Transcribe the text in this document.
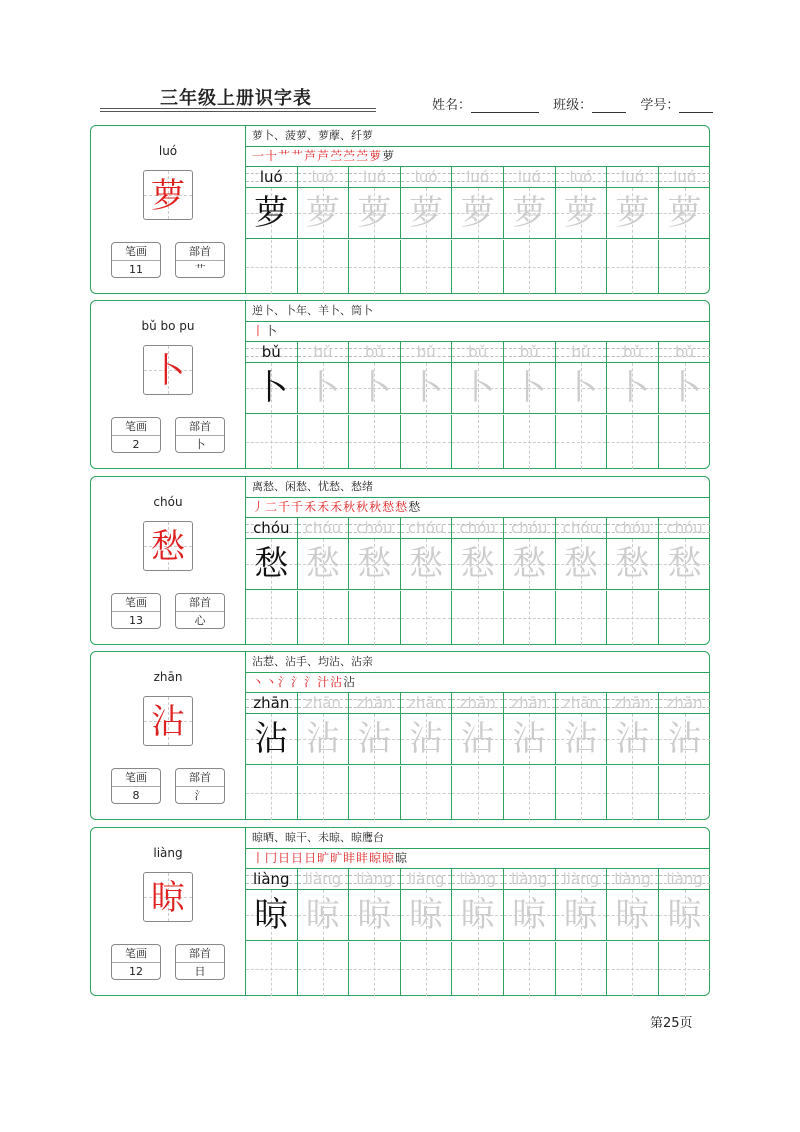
三年级上册识字表	姓名：	班级：	学号：
luó
萝
笔画
11
部首
艹
萝卜、菠萝、萝藦、纤萝
一十艹艹芦芦苎苎苎萝萝
luó
萝
luó
萝
luó
萝
luó
萝
luó
萝
luó
萝
luó
萝
luó
萝
luó
萝
bǔ bo pu
卜
笔画
2
部首
卜
逆卜、卜年、羊卜、筒卜
丨卜
bǔ
卜
bǔ
卜
bǔ
卜
bǔ
卜
bǔ
卜
bǔ
卜
bǔ
卜
bǔ
卜
bǔ
卜
chóu
愁
笔画
13
部首
心
离愁、闲愁、忧愁、愁绪
丿二千千禾禾禾秋秋秋愁愁愁
chóu
愁
chóu
愁
chóu
愁
chóu
愁
chóu
愁
chóu
愁
chóu
愁
chóu
愁
chóu
愁
zhān
沾
笔画
8
部首
氵
沾惹、沾手、均沾、沾亲
丶丶氵氵氵汁沾沾
zhān
沾
zhān
沾
zhān
沾
zhān
沾
zhān
沾
zhān
沾
zhān
沾
zhān
沾
zhān
沾
liàng
晾
笔画
12
部首
日
晾晒、晾干、未晾、晾鹰台
丨冂日日日旷旷盽盽晾晾晾
liàng
晾
liàng
晾
liàng
晾
liàng
晾
liàng
晾
liàng
晾
liàng
晾
liàng
晾
liàng
晾
第25页
